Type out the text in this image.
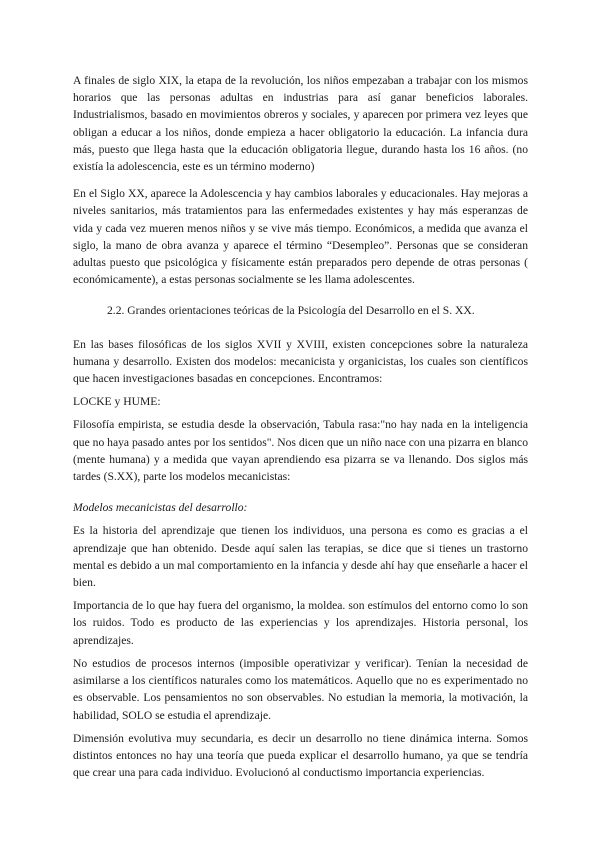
A finales de siglo XIX, la etapa de la revolución, los niños empezaban a trabajar con los mismos horarios que las personas adultas en industrias para así ganar beneficios laborales. Industrialismos, basado en movimientos obreros y sociales, y aparecen por primera vez leyes que obligan a educar a los niños, donde empieza a hacer obligatorio la educación. La infancia dura más, puesto que llega hasta que la educación obligatoria llegue, durando hasta los 16 años. (no existía la adolescencia, este es un término moderno)

En el Siglo XX, aparece la Adolescencia y hay cambios laborales y educacionales. Hay mejoras a niveles sanitarios, más tratamientos para las enfermedades existentes y hay más esperanzas de vida y cada vez mueren menos niños y se vive más tiempo. Económicos, a medida que avanza el siglo, la mano de obra avanza y aparece el término “Desempleo”. Personas que se consideran adultas puesto que psicológica y físicamente están preparados pero depende de otras personas ( económicamente), a estas personas socialmente se les llama adolescentes.

2.2. Grandes orientaciones teóricas de la Psicología del Desarrollo en el S. XX.

En las bases filosóficas de los siglos XVII y XVIII, existen concepciones sobre la naturaleza humana y desarrollo. Existen dos modelos: mecanicista y organicistas, los cuales son científicos que hacen investigaciones basadas en concepciones. Encontramos:

LOCKE y HUME:

Filosofía empirista, se estudia desde la observación, Tabula rasa:"no hay nada en la inteligencia que no haya pasado antes por los sentidos". Nos dicen que un niño nace con una pizarra en blanco (mente humana) y a medida que vayan aprendiendo esa pizarra se va llenando. Dos siglos más tardes (S.XX), parte los modelos mecanicistas:

Modelos mecanicistas del desarrollo:

Es la historia del aprendizaje que tienen los individuos, una persona es como es gracias a el aprendizaje que han obtenido. Desde aquí salen las terapias, se dice que si tienes un trastorno mental es debido a un mal comportamiento en la infancia y desde ahí hay que enseñarle a hacer el bien.

Importancia de lo que hay fuera del organismo, la moldea. son estímulos del entorno como lo son los ruidos. Todo es producto de las experiencias y los aprendizajes. Historia personal, los aprendizajes.

No estudios de procesos internos (imposible operativizar y verificar). Tenían la necesidad de asimilarse a los científicos naturales como los matemáticos. Aquello que no es experimentado no es observable. Los pensamientos no son observables. No estudian la memoria, la motivación, la habilidad, SOLO se estudia el aprendizaje.

Dimensión evolutiva muy secundaria, es decir un desarrollo no tiene dinámica interna. Somos distintos entonces no hay una teoría que pueda explicar el desarrollo humano, ya que se tendría que crear una para cada individuo. Evolucionó al conductismo importancia experiencias.
